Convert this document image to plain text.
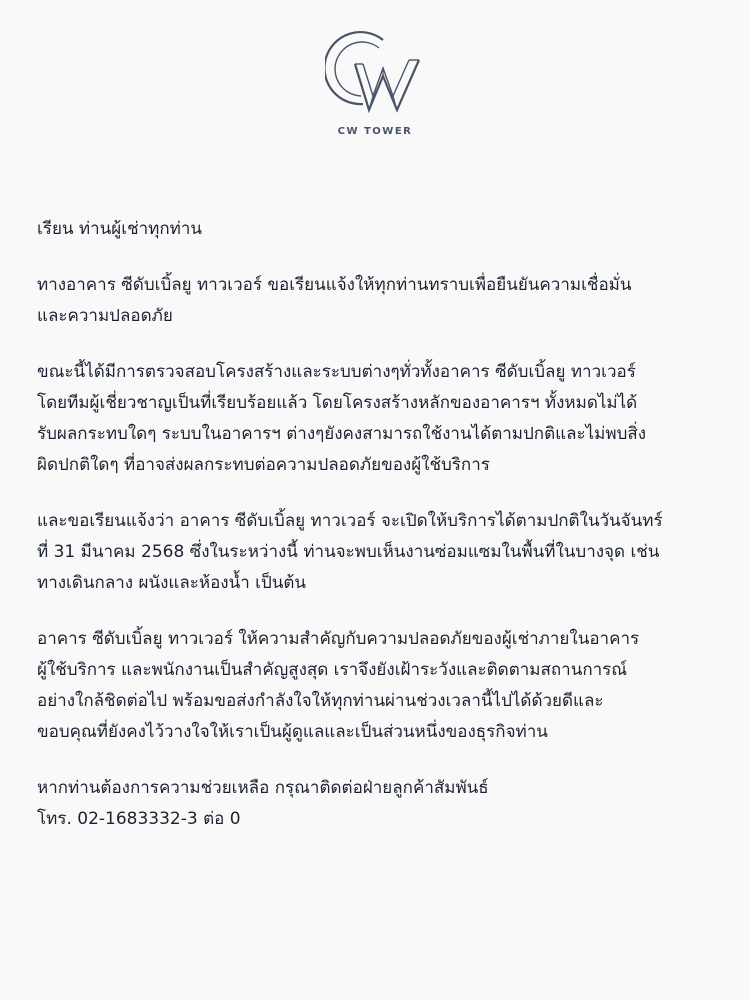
CW TOWER

เรียน ท่านผู้เช่าทุกท่าน

ทางอาคาร ซีดับเบิ้ลยู ทาวเวอร์ ขอเรียนแจ้งให้ทุกท่านทราบเพื่อยืนยันความเชื่อมั่น
และความปลอดภัย

ขณะนี้ได้มีการตรวจสอบโครงสร้างและระบบต่างๆทั่วทั้งอาคาร ซีดับเบิ้ลยู ทาวเวอร์
โดยทีมผู้เชี่ยวชาญเป็นที่เรียบร้อยแล้ว โดยโครงสร้างหลักของอาคารฯ ทั้งหมดไม่ได้
รับผลกระทบใดๆ ระบบในอาคารฯ ต่างๆยังคงสามารถใช้งานได้ตามปกติและไม่พบสิ่ง
ผิดปกติใดๆ ที่อาจส่งผลกระทบต่อความปลอดภัยของผู้ใช้บริการ

และขอเรียนแจ้งว่า อาคาร ซีดับเบิ้ลยู ทาวเวอร์ จะเปิดให้บริการได้ตามปกติในวันจันทร์
ที่ 31 มีนาคม 2568 ซึ่งในระหว่างนี้ ท่านจะพบเห็นงานซ่อมแซมในพื้นที่ในบางจุด เช่น
ทางเดินกลาง ผนังและห้องน้ำ เป็นต้น

อาคาร ซีดับเบิ้ลยู ทาวเวอร์ ให้ความสำคัญกับความปลอดภัยของผู้เช่าภายในอาคาร
ผู้ใช้บริการ และพนักงานเป็นสำคัญสูงสุด เราจึงยังเฝ้าระวังและติดตามสถานการณ์
อย่างใกล้ชิดต่อไป พร้อมขอส่งกำลังใจให้ทุกท่านผ่านช่วงเวลานี้ไปได้ด้วยดีและ
ขอบคุณที่ยังคงไว้วางใจให้เราเป็นผู้ดูแลและเป็นส่วนหนึ่งของธุรกิจท่าน

หากท่านต้องการความช่วยเหลือ กรุณาติดต่อฝ่ายลูกค้าสัมพันธ์
โทร. 02-1683332-3 ต่อ 0
